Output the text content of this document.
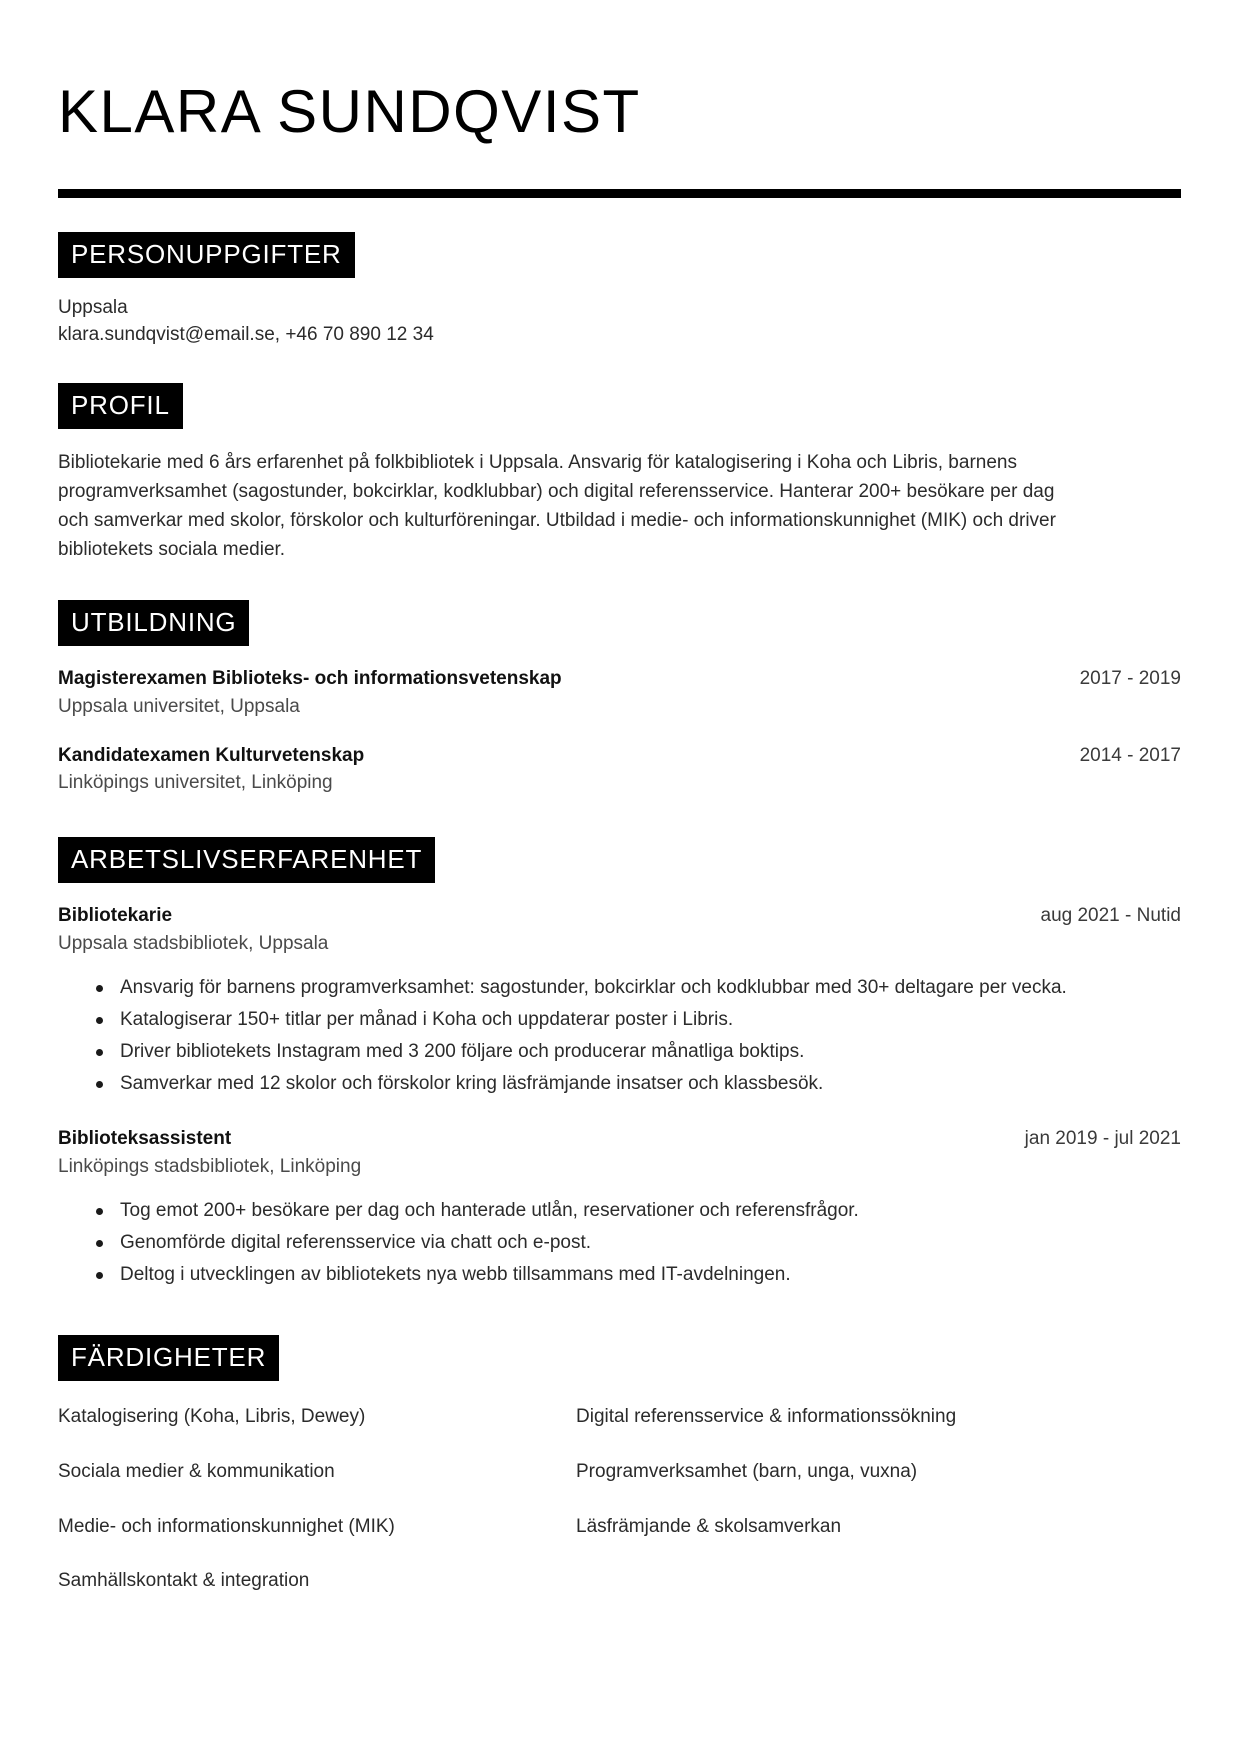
KLARA SUNDQVIST
PERSONUPPGIFTER
Uppsala
klara.sundqvist@email.se, +46 70 890 12 34
PROFIL

Bibliotekarie med 6 års erfarenhet på folkbibliotek i Uppsala. Ansvarig för katalogisering i Koha och Libris, barnens programverksamhet (sagostunder, bokcirklar, kodklubbar) och digital referensservice. Hanterar 200+ besökare per dag och samverkar med skolor, förskolor och kulturföreningar. Utbildad i medie- och informationskunnighet (MIK) och driver bibliotekets sociala medier.

UTBILDNING
Magisterexamen Biblioteks- och informationsvetenskap	2017 - 2019
Uppsala universitet, Uppsala
Kandidatexamen Kulturvetenskap	2014 - 2017
Linköpings universitet, Linköping
ARBETSLIVSERFARENHET
Bibliotekarie	aug 2021 - Nutid
Uppsala stadsbibliotek, Uppsala
Ansvarig för barnens programverksamhet: sagostunder, bokcirklar och kodklubbar med 30+ deltagare per vecka.
Katalogiserar 150+ titlar per månad i Koha och uppdaterar poster i Libris.
Driver bibliotekets Instagram med 3 200 följare och producerar månatliga boktips.
Samverkar med 12 skolor och förskolor kring läsfrämjande insatser och klassbesök.
Biblioteksassistent	jan 2019 - jul 2021
Linköpings stadsbibliotek, Linköping
Tog emot 200+ besökare per dag och hanterade utlån, reservationer och referensfrågor.
Genomförde digital referensservice via chatt och e-post.
Deltog i utvecklingen av bibliotekets nya webb tillsammans med IT-avdelningen.
FÄRDIGHETER
Katalogisering (Koha, Libris, Dewey)	Digital referensservice & informationssökning
Sociala medier & kommunikation	Programverksamhet (barn, unga, vuxna)
Medie- och informationskunnighet (MIK)	Läsfrämjande & skolsamverkan
Samhällskontakt & integration
